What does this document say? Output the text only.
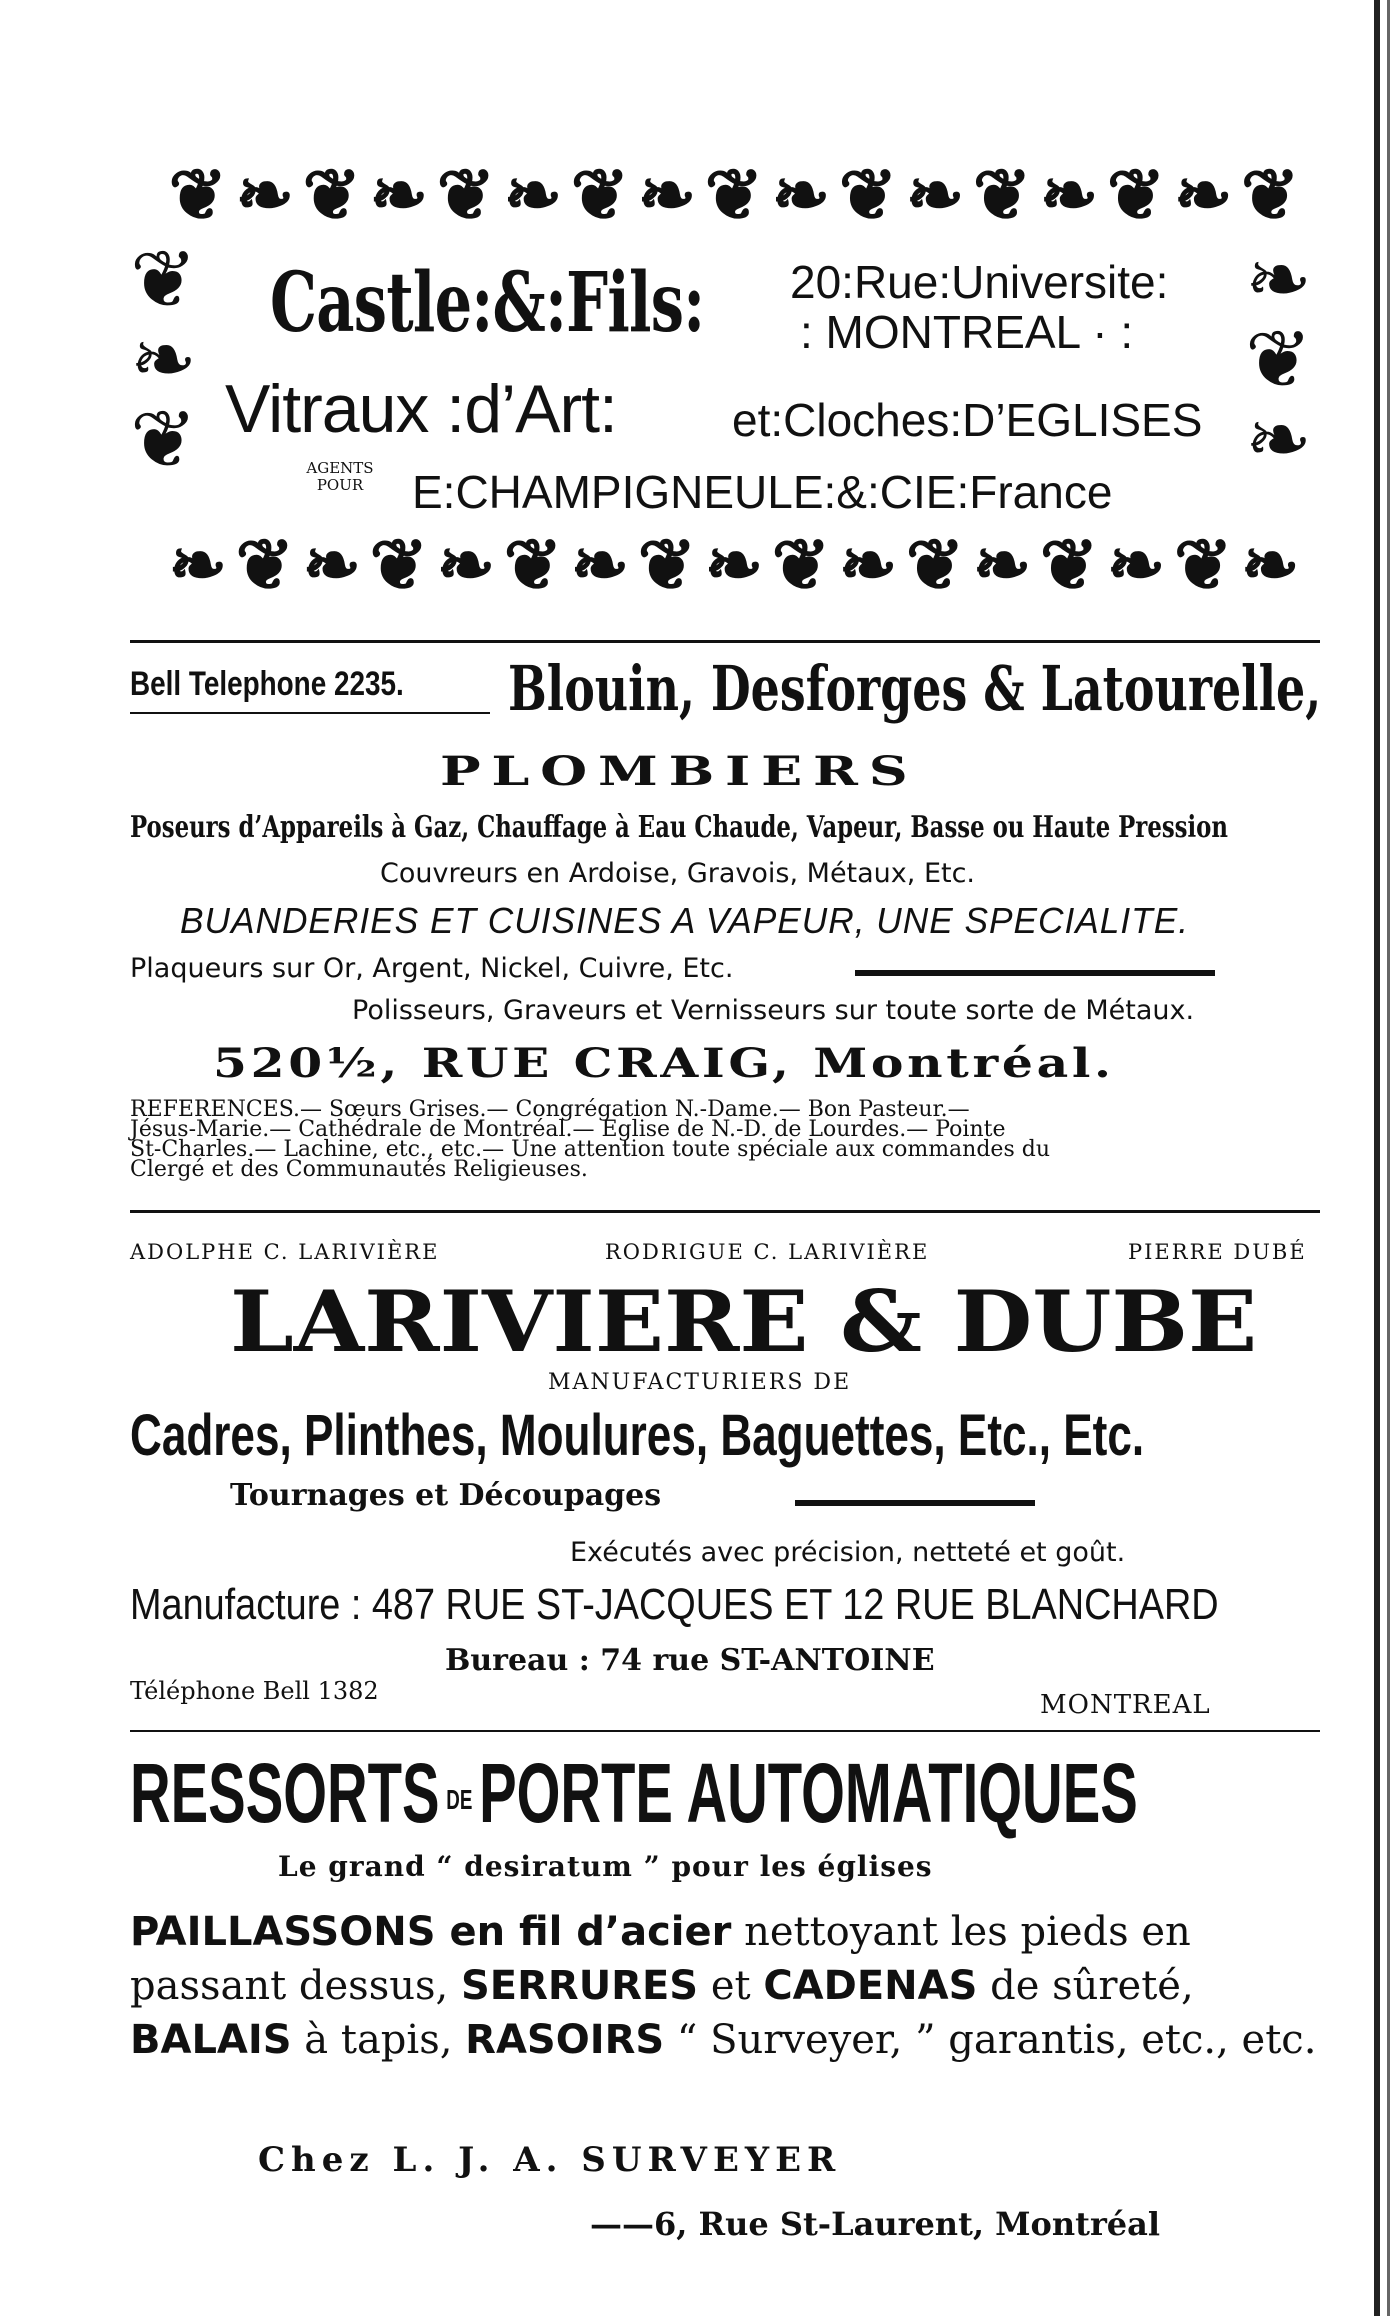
❦ ❧ ❦ ❧ ❦ ❧ ❦ ❧ ❦ ❧ ❦ ❧ ❦ ❧ ❦ ❧ ❦
❦
❧
❦
❧
❦
❧
❧ ❦ ❧ ❦ ❧ ❦ ❧ ❦ ❧ ❦ ❧ ❦ ❧ ❦ ❧ ❦ ❧
Castle:&:Fils: 20:Rue:Universite:
: MONTREAL · :
Vitraux :d’Art:	et:Cloches:D’EGLISES
AGENTS POUR	E:CHAMPIGNEULE:&:CIE:France
Bell Telephone 2235. Blouin, Desforges & Latourelle,
PLOMBIERS
Poseurs d’Appareils à Gaz, Chauffage à Eau Chaude, Vapeur, Basse ou Haute Pression
Couvreurs en Ardoise, Gravois, Métaux, Etc.
BUANDERIES ET CUISINES A VAPEUR, UNE SPECIALITE.
Plaqueurs sur Or, Argent, Nickel, Cuivre, Etc.
Polisseurs, Graveurs et Vernisseurs sur toute sorte de Métaux.
520½, RUE CRAIG, Montréal.
REFERENCES.— Sœurs Grises.— Congrégation N.-Dame.— Bon Pasteur.—
Jésus-Marie.— Cathédrale de Montréal.— Eglise de N.-D. de Lourdes.— Pointe
St-Charles.— Lachine, etc., etc.— Une attention toute spéciale aux commandes du
Clergé et des Communautés Religieuses.
ADOLPHE C. LARIVIÈRE	RODRIGUE C. LARIVIÈRE	PIERRE DUBÉ
LARIVIERE & DUBE
MANUFACTURIERS DE
Cadres, Plinthes, Moulures, Baguettes, Etc., Etc.
Tournages et Découpages
Exécutés avec précision, netteté et goût.
Manufacture : 487 RUE ST-JACQUES ET 12 RUE BLANCHARD
Bureau : 74 rue ST-ANTOINE
Téléphone Bell 1382	MONTREAL
RESSORTS DEPORTE AUTOMATIQUES
Le grand “ desiratum ” pour les églises
PAILLASSONS en fil d’acier nettoyant les pieds en passant dessus, SERRURES et CADENAS de sûreté, BALAIS à tapis, RASOIRS “ Surveyer, ” garantis, etc., etc.
Chez L. J. A. SURVEYER
——6, Rue St-Laurent, Montréal
